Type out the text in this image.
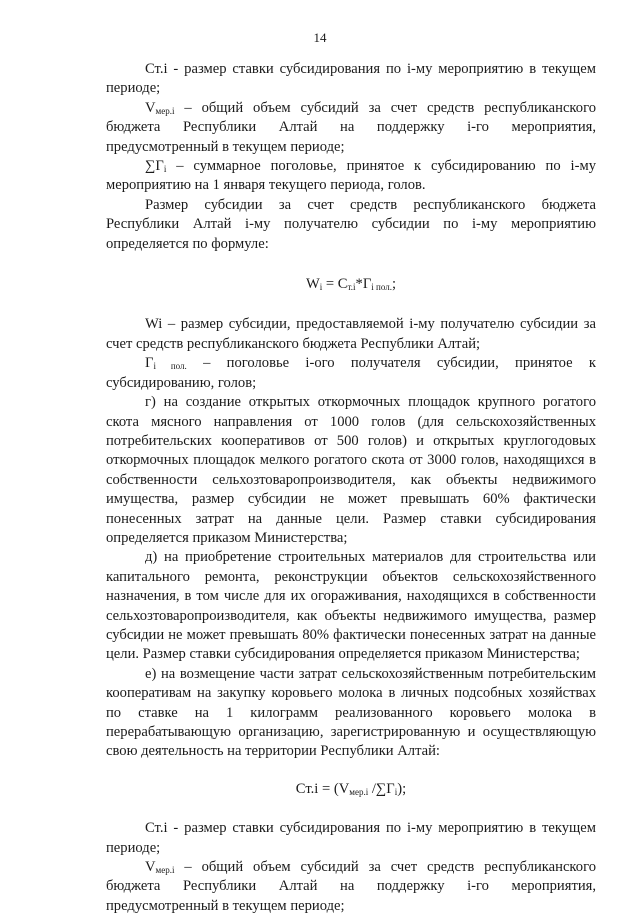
14

Ст.i - размер ставки субсидирования по i-му мероприятию в текущем периоде;

$V_{мер.i}$ – общий объем субсидий за счет средств республиканского бюджета Республики Алтай на поддержку i-го мероприятия, предусмотренный в текущем периоде;

$\sum Г_i$ – суммарное поголовье, принятое к субсидированию по i-му мероприятию на 1 января текущего периода, голов.

Размер субсидии за счет средств республиканского бюджета Республики Алтай i-му получателю субсидии по i-му мероприятию определяется по формуле:

$W_i = С_{т.i}*Г_{i пол.}$;

Wi – размер субсидии, предоставляемой i-му получателю субсидии за счет средств республиканского бюджета Республики Алтай;

$Г_{i пол.}$ – поголовье i-ого получателя субсидии, принятое к субсидированию, голов;

г) на создание открытых откормочных площадок крупного рогатого скота мясного направления от 1000 голов (для сельскохозяйственных потребительских кооперативов от 500 голов) и открытых круглогодовых откормочных площадок мелкого рогатого скота от 3000 голов, находящихся в собственности сельхозтоваропроизводителя, как объекты недвижимого имущества, размер субсидии не может превышать 60% фактически понесенных затрат на данные цели. Размер ставки субсидирования определяется приказом Министерства;

д) на приобретение строительных материалов для строительства или капитального ремонта, реконструкции объектов сельскохозяйственного назначения, в том числе для их огораживания, находящихся в собственности сельхозтоваропроизводителя, как объекты недвижимого имущества, размер субсидии не может превышать 80% фактически понесенных затрат на данные цели. Размер ставки субсидирования определяется приказом Министерства;

е) на возмещение части затрат сельскохозяйственным потребительским кооперативам на закупку коровьего молока в личных подсобных хозяйствах по ставке на 1 килограмм реализованного коровьего молока в перерабатывающую организацию, зарегистрированную и осуществляющую свою деятельность на территории Республики Алтай:

$Ст.i = (V_{мер.i}$ $/\sum Г_i$);

Ст.i - размер ставки субсидирования по i-му мероприятию в текущем периоде;

$V_{мер.i}$ – общий объем субсидий за счет средств республиканского бюджета Республики Алтай на поддержку i-го мероприятия, предусмотренный в текущем периоде;
